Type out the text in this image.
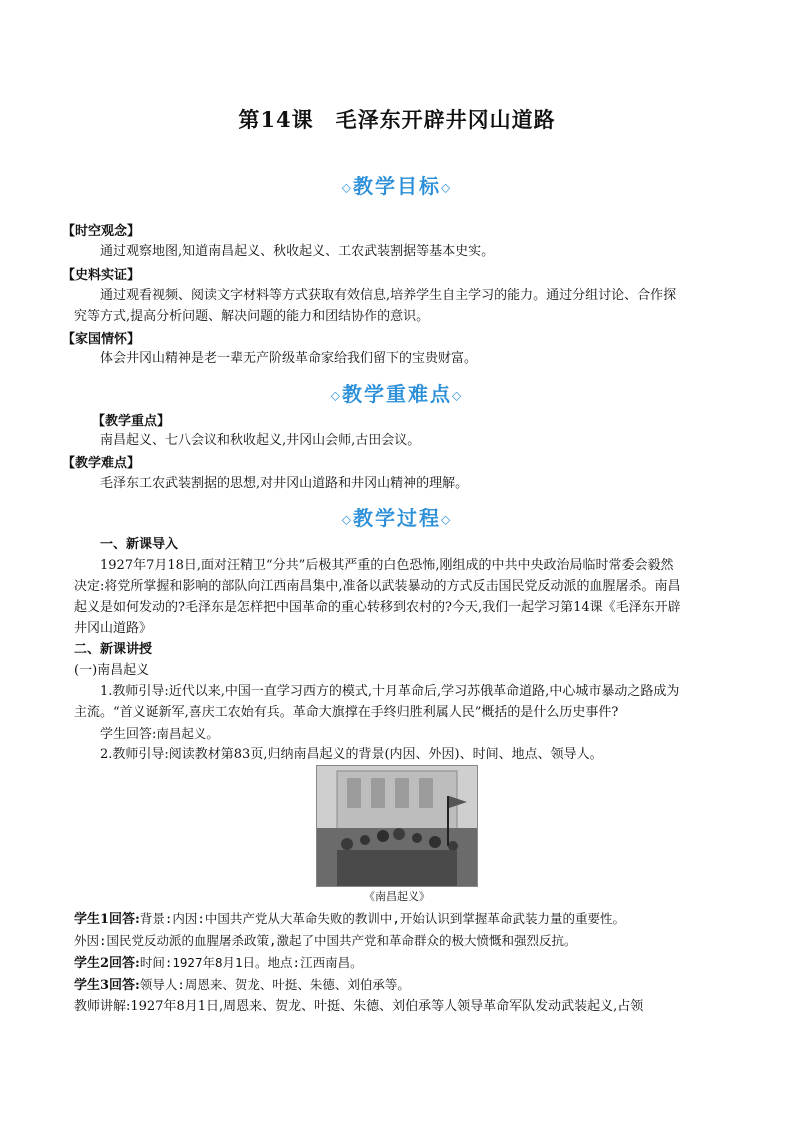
第14课　毛泽东开辟井冈山道路
◇教学目标◇
【时空观念】
通过观察地图,知道南昌起义、秋收起义、工农武装割据等基本史实。
【史料实证】
通过观看视频、阅读文字材料等方式获取有效信息,培养学生自主学习的能力。通过分组讨论、合作探
究等方式,提高分析问题、解决问题的能力和团结协作的意识。
【家国情怀】
体会井冈山精神是老一辈无产阶级革命家给我们留下的宝贵财富。
◇教学重难点◇
【教学重点】
南昌起义、七八会议和秋收起义,井冈山会师,古田会议。
【教学难点】
毛泽东工农武装割据的思想,对井冈山道路和井冈山精神的理解。
◇教学过程◇
一、新课导入
1927年7月18日,面对汪精卫“分共”后极其严重的白色恐怖,刚组成的中共中央政治局临时常委会毅然
决定:将党所掌握和影响的部队向江西南昌集中,准备以武装暴动的方式反击国民党反动派的血腥屠杀。南昌
起义是如何发动的?毛泽东是怎样把中国革命的重心转移到农村的?今天,我们一起学习第14课《毛泽东开辟
井冈山道路》
二、新课讲授
(一)南昌起义
1.教师引导:近代以来,中国一直学习西方的模式,十月革命后,学习苏俄革命道路,中心城市暴动之路成为
主流。“首义诞新军,喜庆工农始有兵。革命大旗撑在手终归胜利属人民”概括的是什么历史事件?
学生回答:南昌起义。
2.教师引导:阅读教材第83页,归纳南昌起义的背景(内因、外因)、时间、地点、领导人。
《南昌起义》
学生1回答:背景:内因:中国共产党从大革命失败的教训中,开始认识到掌握革命武装力量的重要性。
外因:国民党反动派的血腥屠杀政策,激起了中国共产党和革命群众的极大愤慨和强烈反抗。
学生2回答:时间:1927年8月1日。地点:江西南昌。
学生3回答:领导人:周恩来、贺龙、叶挺、朱德、刘伯承等。
教师讲解:1927年8月1日,周恩来、贺龙、叶挺、朱德、刘伯承等人领导革命军队发动武装起义,占领
